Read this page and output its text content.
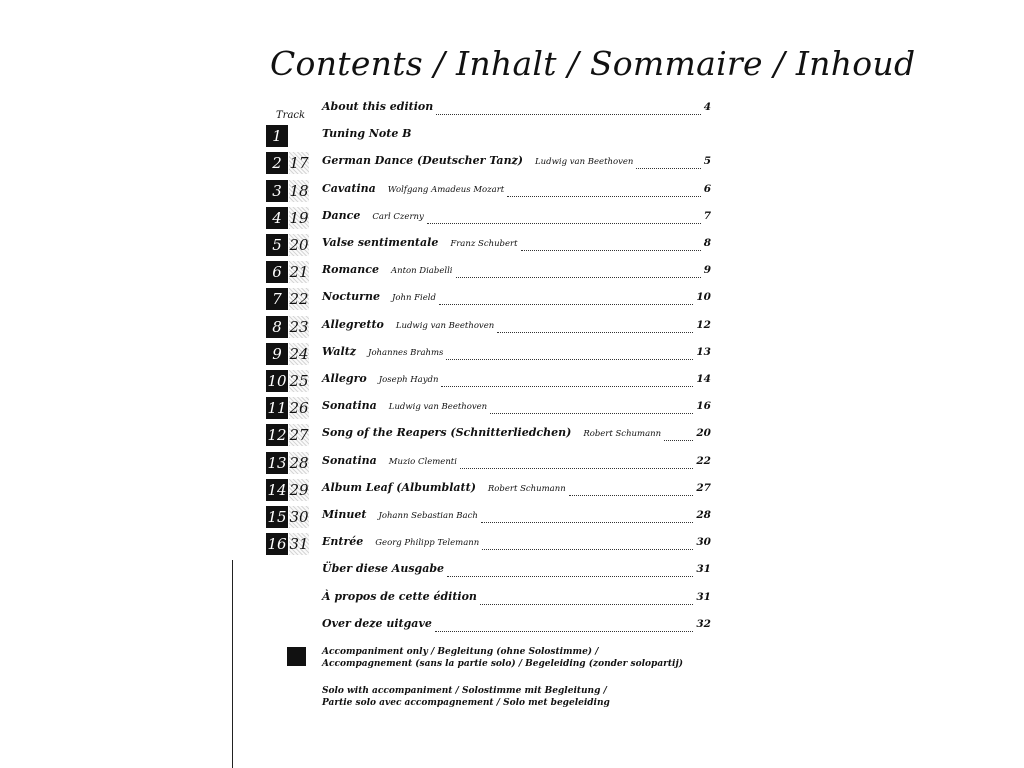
Contents / Inhalt / Sommaire / Inhoud
Track
About this edition	4
1	Tuning Note B
2 17 German Dance (Deutscher Tanz) Ludwig van Beethoven	5
3 18 Cavatina Wolfgang Amadeus Mozart	6
4 19 Dance Carl Czerny	7
5 20 Valse sentimentale Franz Schubert	8
6 21 Romance Anton Diabelli	9
7 22 Nocturne John Field	10
8 23 Allegretto Ludwig van Beethoven	12
9 24 Waltz Johannes Brahms	13
10 25 Allegro Joseph Haydn	14
11 26 Sonatina Ludwig van Beethoven	16
12 27 Song of the Reapers (Schnitterliedchen) Robert Schumann	20
13 28 Sonatina Muzio Clementi	22
14 29 Album Leaf (Albumblatt) Robert Schumann	27
15 30 Minuet Johann Sebastian Bach	28
16 31 Entrée Georg Philipp Telemann	30
Über diese Ausgabe	31
À propos de cette édition	31
Over deze uitgave	32
Accompaniment only / Begleitung (ohne Solostimme) /
Accompagnement (sans la partie solo) / Begeleiding (zonder solopartij)
Solo with accompaniment / Solostimme mit Begleitung /
Partie solo avec accompagnement / Solo met begeleiding
